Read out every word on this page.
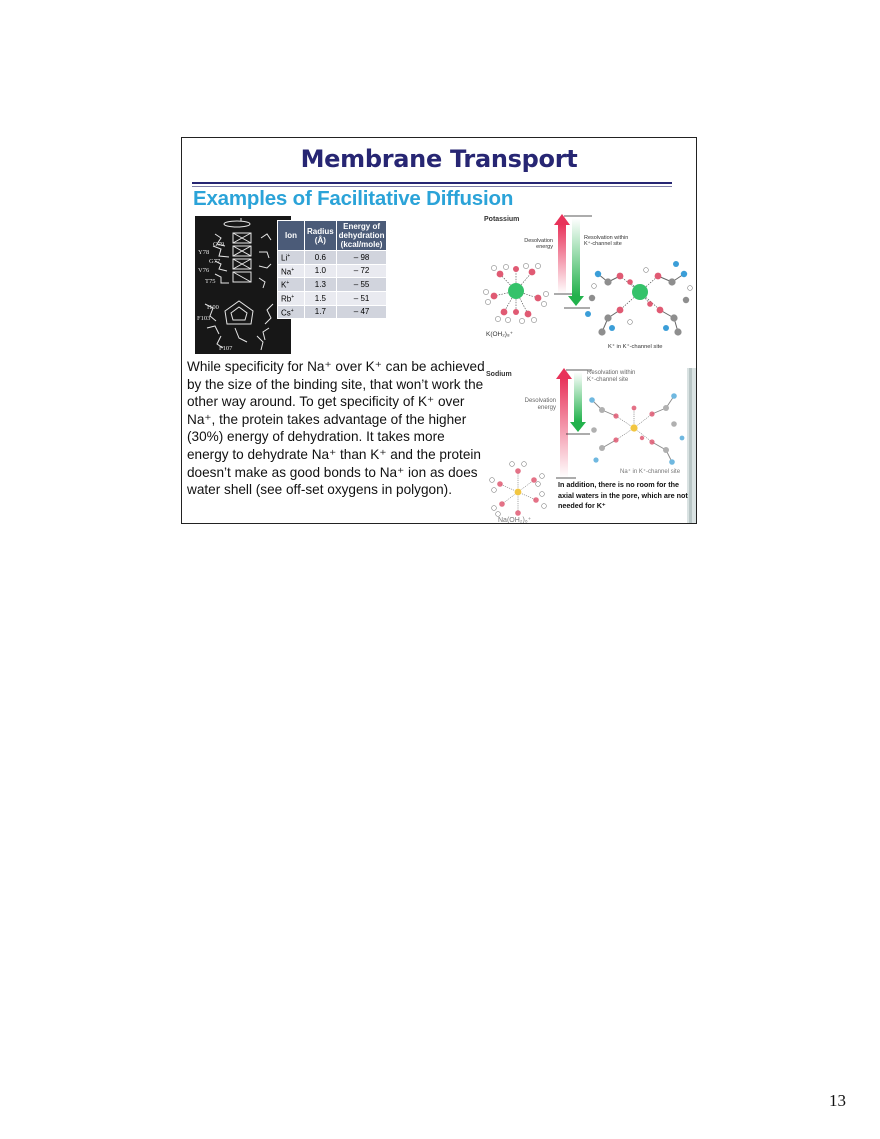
Membrane Transport
Examples of Facilitative Diffusion
G79
Y78
G77
V76
T75
I100
F103
F107
Ion	Radius (Å)	Energy of dehydration (kcal/mole)
Li+	0.6	– 98
Na+	1.0	– 72
K+	1.3	– 55
Rb+	1.5	– 51
Cs+	1.7	– 47
While specificity for Na⁺ over K⁺ can be achieved by the size of the binding site, that won’t work the other way around. To get specificity of K⁺ over Na⁺, the protein takes advantage of the higher (30%) energy of dehydration. It takes more energy to dehydrate Na⁺ than K⁺ and the protein doesn’t make as good bonds to Na⁺ ion as does water shell (see off-set oxygens in polygon).
Potassium
Desolvation energy
Resolvation within K⁺-channel site
K(OH₂)₈⁺
K⁺ in K⁺-channel site
Sodium
Desolvation energy
Resolvation within K⁺-channel site
Na⁺ in K⁺-channel site
Na(OH₂)₆⁺
In addition, there is no room for the axial waters in the pore, which are not needed for K⁺
13
